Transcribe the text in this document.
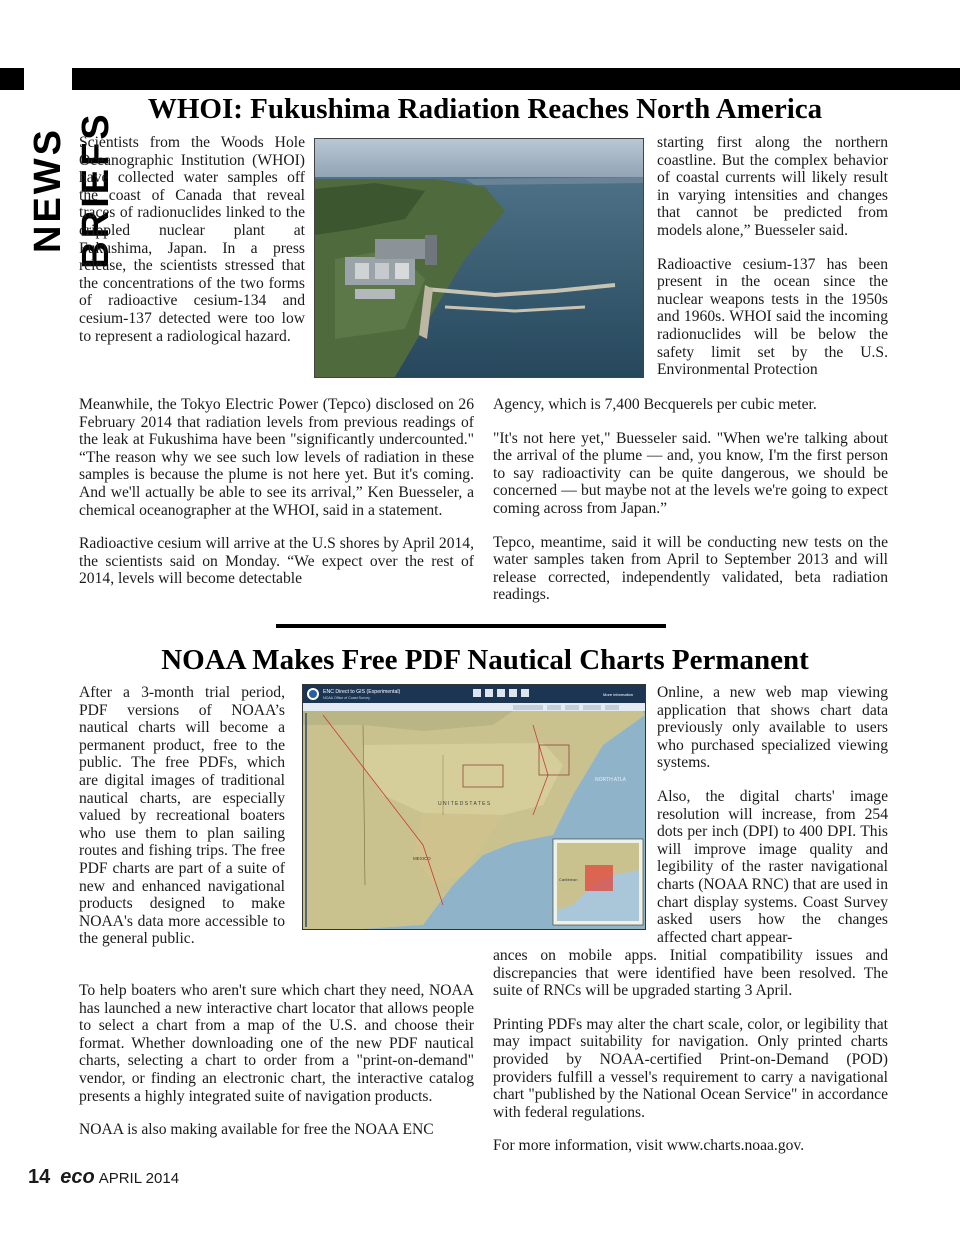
NEWS BRIEFS
WHOI: Fukushima Radiation Reaches North America

Scientists from the Woods Hole Oceanographic Institution (WHOI) have collected water samples off the coast of Canada that reveal traces of radionuclides linked to the crippled nuclear plant at Fukushima, Japan. In a press release, the scientists stressed that the concentrations of the two forms of radioactive cesium-134 and cesium-137 detected were too low to represent a radiological hazard.

starting first along the northern coastline. But the complex behavior of coastal currents will likely result in varying intensities and changes that cannot be predicted from models alone,” Buesseler said.

Radioactive cesium-137 has been present in the ocean since the nuclear weapons tests in the 1950s and 1960s. WHOI said the incoming radionuclides will be below the safety limit set by the U.S. Environmental Protection

Meanwhile, the Tokyo Electric Power (Tepco) disclosed on 26 February 2014 that radiation levels from previous readings of the leak at Fukushima have been "significantly undercounted." “The reason why we see such low levels of radiation in these samples is because the plume is not here yet. But it's coming. And we'll actually be able to see its arrival,” Ken Buesseler, a chemical oceanographer at the WHOI, said in a statement.

Radioactive cesium will arrive at the U.S shores by April 2014, the scientists said on Monday. “We expect over the rest of 2014, levels will become detectable

Agency, which is 7,400 Becquerels per cubic meter.

"It's not here yet," Buesseler said. "When we're talking about the arrival of the plume — and, you know, I'm the first person to say radioactivity can be quite dangerous, we should be concerned — but maybe not at the levels we're going to expect coming across from Japan.”

Tepco, meantime, said it will be conducting new tests on the water samples taken from April to September 2013 and will release corrected, independently validated, beta radiation readings.

NOAA Makes Free PDF Nautical Charts Permanent

After a 3-month trial period, PDF versions of NOAA’s nautical charts will become a permanent product, free to the public. The free PDFs, which are digital images of traditional nautical charts, are especially valued by recreational boaters who use them to plan sailing routes and fishing trips. The free PDF charts are part of a suite of new and enhanced navigational products designed to make NOAA's data more accessible to the general public.

ENC Direct to GIS (Experimental)
NOAA Office of Coast Survey
More information
U N I T E D S T A T E S
MEXICO
NORTH ATLA
Caribbean

Online, a new web map viewing application that shows chart data previously only available to users who purchased specialized viewing systems.

Also, the digital charts' image resolution will increase, from 254 dots per inch (DPI) to 400 DPI. This will improve image quality and legibility of the raster navigational charts (NOAA RNC) that are used in chart display systems. Coast Survey asked users how the changes affected chart appear-

To help boaters who aren't sure which chart they need, NOAA has launched a new interactive chart locator that allows people to select a chart from a map of the U.S. and choose their format. Whether downloading one of the new PDF nautical charts, selecting a chart to order from a "print-on-demand" vendor, or finding an electronic chart, the interactive catalog presents a highly integrated suite of navigation products.

NOAA is also making available for free the NOAA ENC

ances on mobile apps. Initial compatibility issues and discrepancies that were identified have been resolved. The suite of RNCs will be upgraded starting 3 April.

Printing PDFs may alter the chart scale, color, or legibility that may impact suitability for navigation. Only printed charts provided by NOAA-certified Print-on-Demand (POD) providers fulfill a vessel's requirement to carry a navigational chart "published by the National Ocean Service" in accordance with federal regulations.

For more information, visit www.charts.noaa.gov.

14 eco APRIL 2014
